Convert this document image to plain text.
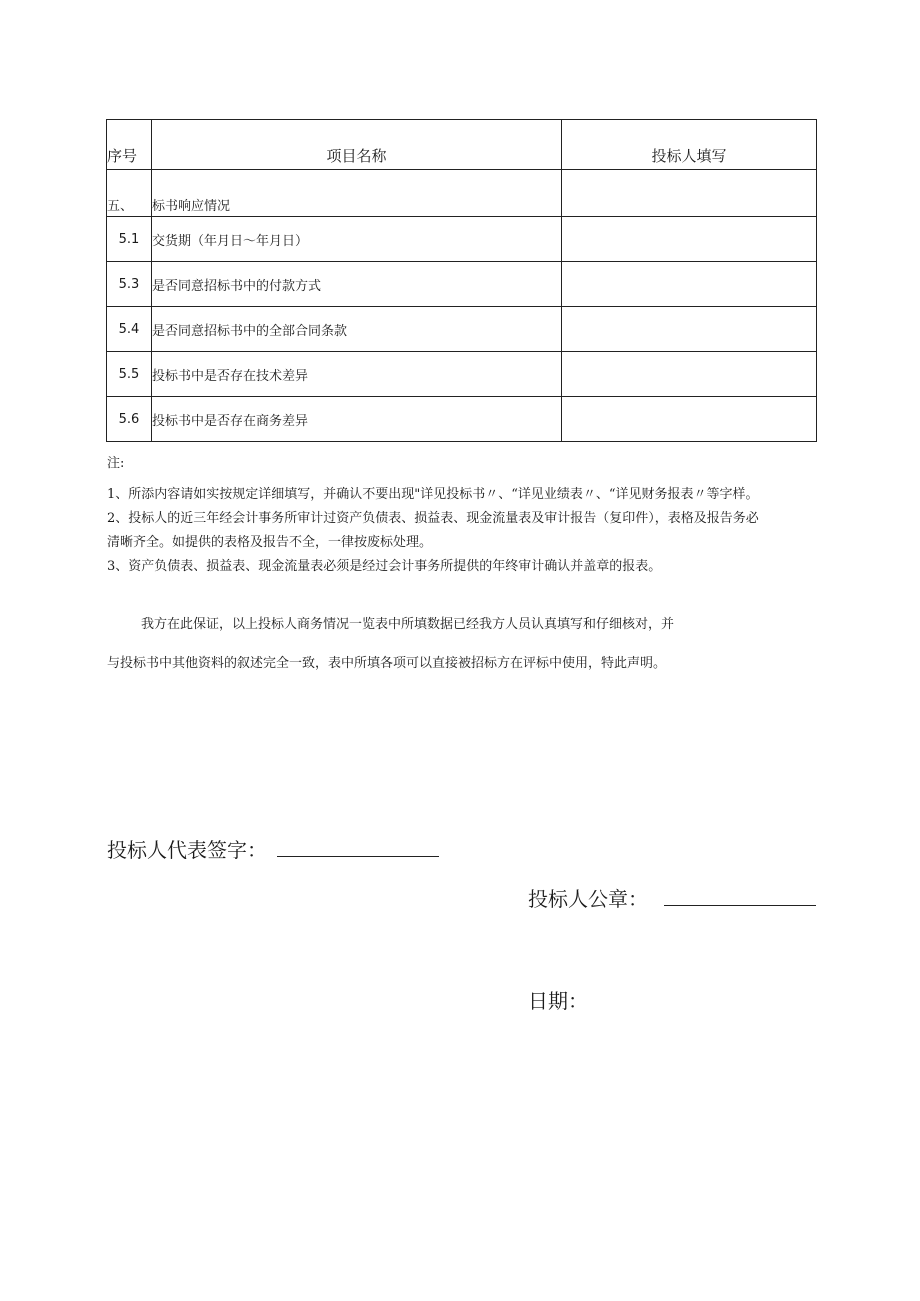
序号	项目名称	投标人填写
五、	标书响应情况	
5.1	交货期（年月日～年月日）	
5.3	是否同意招标书中的付款方式	
5.4	是否同意招标书中的全部合同条款	
5.5	投标书中是否存在技术差异	
5.6	投标书中是否存在商务差异	

注:

1、所添内容请如实按规定详细填写，并确认不要出现"详见投标书〃、“详见业绩表〃、“详见财务报表〃等字样。

2、投标人的近三年经会计事务所审计过资产负债表、损益表、现金流量表及审计报告（复印件），表格及报告务必

清晰齐全。如提供的表格及报告不全，一律按废标处理。

3、资产负债表、损益表、现金流量表必须是经过会计事务所提供的年终审计确认并盖章的报表。

我方在此保证，以上投标人商务情况一览表中所填数据已经我方人员认真填写和仔细核对，并

与投标书中其他资料的叙述完全一致，表中所填各项可以直接被招标方在评标中使用，特此声明。

投标人代表签字：
投标人公章：
日期：
